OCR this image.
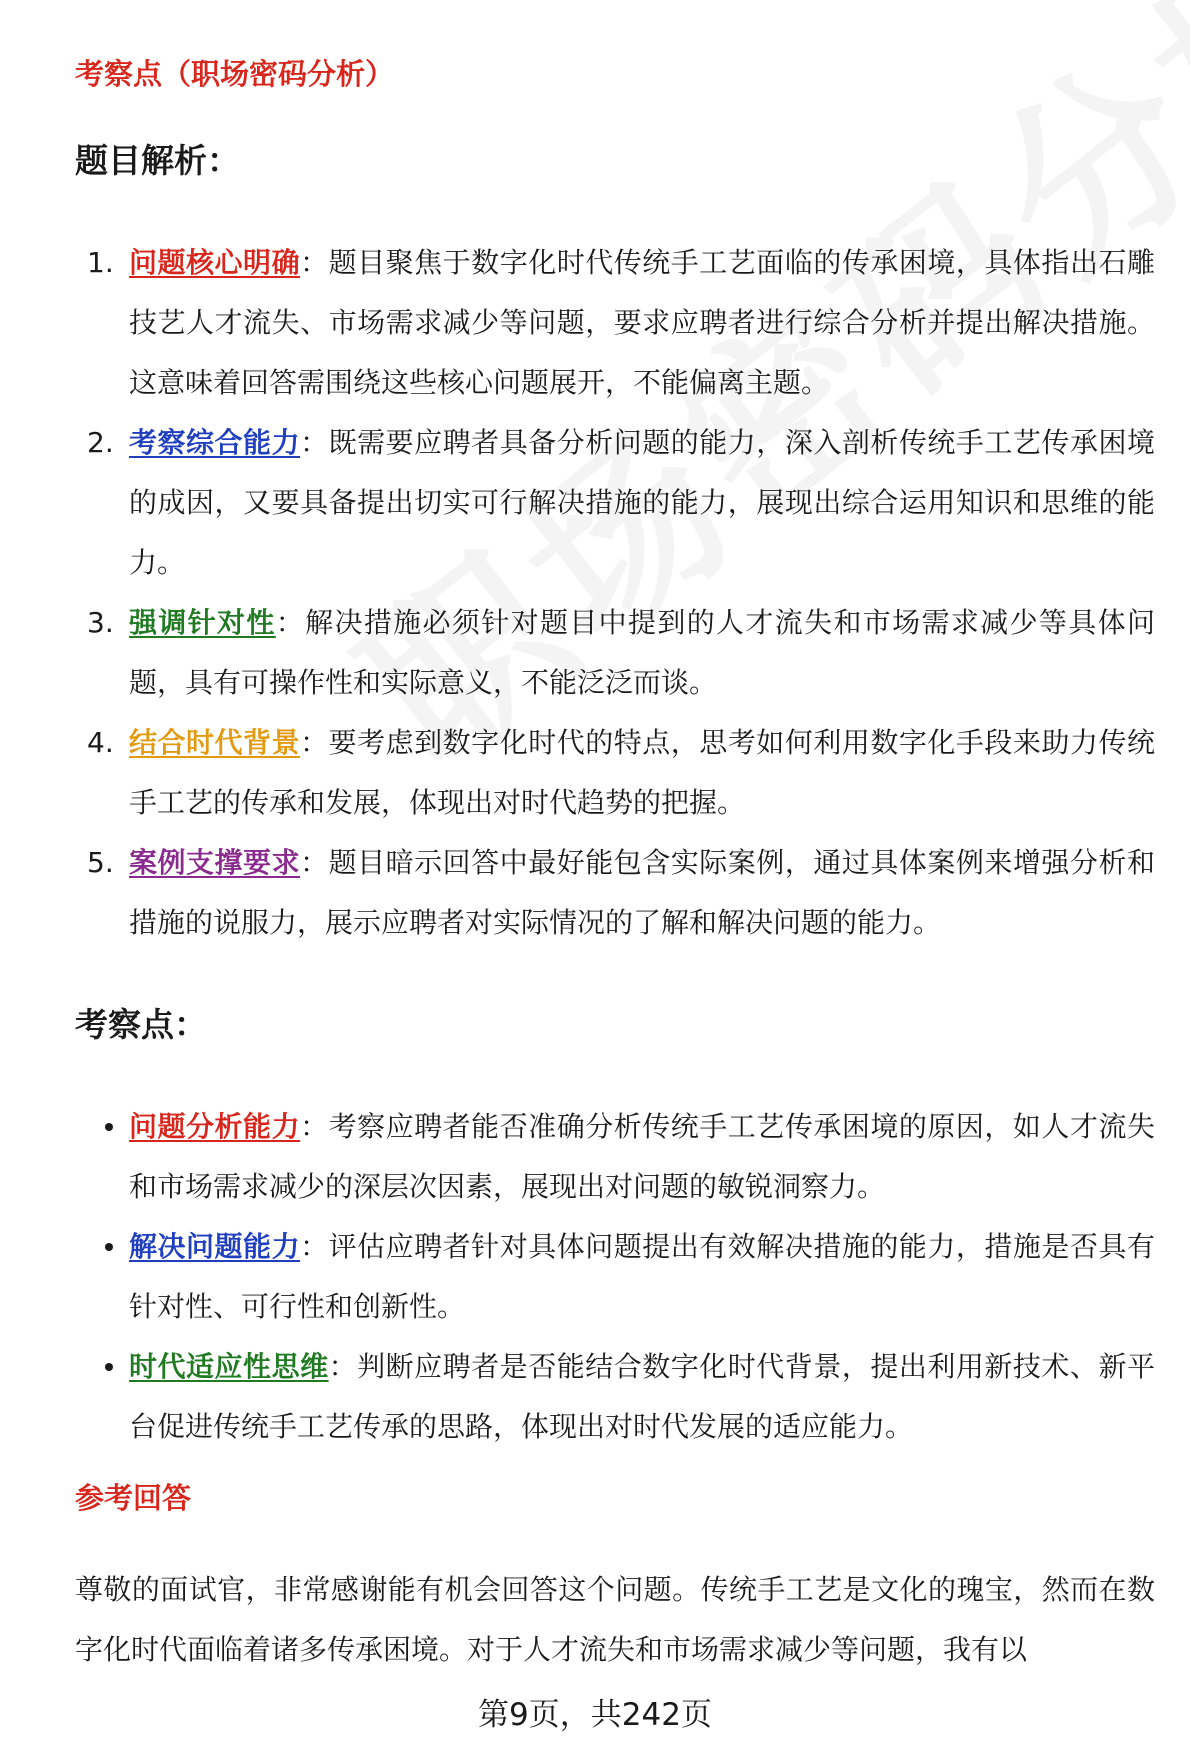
考察点（职场密码分析）

题目解析：
1. 问题核心明确：题目聚焦于数字化时代传统手工艺面临的传承困境，具体指出石雕技艺人才流失、市场需求减少等问题，要求应聘者进行综合分析并提出解决措施。这意味着回答需围绕这些核心问题展开，不能偏离主题。
2. 考察综合能力：既需要应聘者具备分析问题的能力，深入剖析传统手工艺传承困境的成因，又要具备提出切实可行解决措施的能力，展现出综合运用知识和思维的能力。
3. 强调针对性：解决措施必须针对题目中提到的人才流失和市场需求减少等具体问题，具有可操作性和实际意义，不能泛泛而谈。
4. 结合时代背景：要考虑到数字化时代的特点，思考如何利用数字化手段来助力传统手工艺的传承和发展，体现出对时代趋势的把握。
5. 案例支撑要求：题目暗示回答中最好能包含实际案例，通过具体案例来增强分析和措施的说服力，展示应聘者对实际情况的了解和解决问题的能力。
考察点：
问题分析能力：考察应聘者能否准确分析传统手工艺传承困境的原因，如人才流失和市场需求减少的深层次因素，展现出对问题的敏锐洞察力。
解决问题能力：评估应聘者针对具体问题提出有效解决措施的能力，措施是否具有针对性、可行性和创新性。
时代适应性思维：判断应聘者是否能结合数字化时代背景，提出利用新技术、新平台促进传统手工艺传承的思路，体现出对时代发展的适应能力。

参考回答

尊敬的面试官，非常感谢能有机会回答这个问题。传统手工艺是文化的瑰宝，然而在数字化时代面临着诸多传承困境。对于人才流失和市场需求减少等问题，我有以

第9页，共242页
